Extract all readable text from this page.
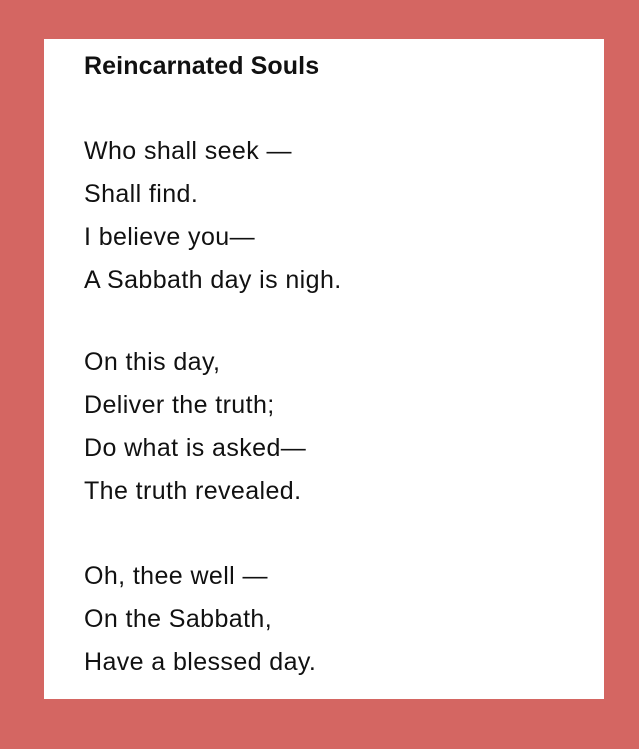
Reincarnated Souls
Who shall seek —
Shall find.
I believe you—
A Sabbath day is nigh.
On this day,
Deliver the truth;
Do what is asked—
The truth revealed.
Oh, thee well —
On the Sabbath,
Have a blessed day.
